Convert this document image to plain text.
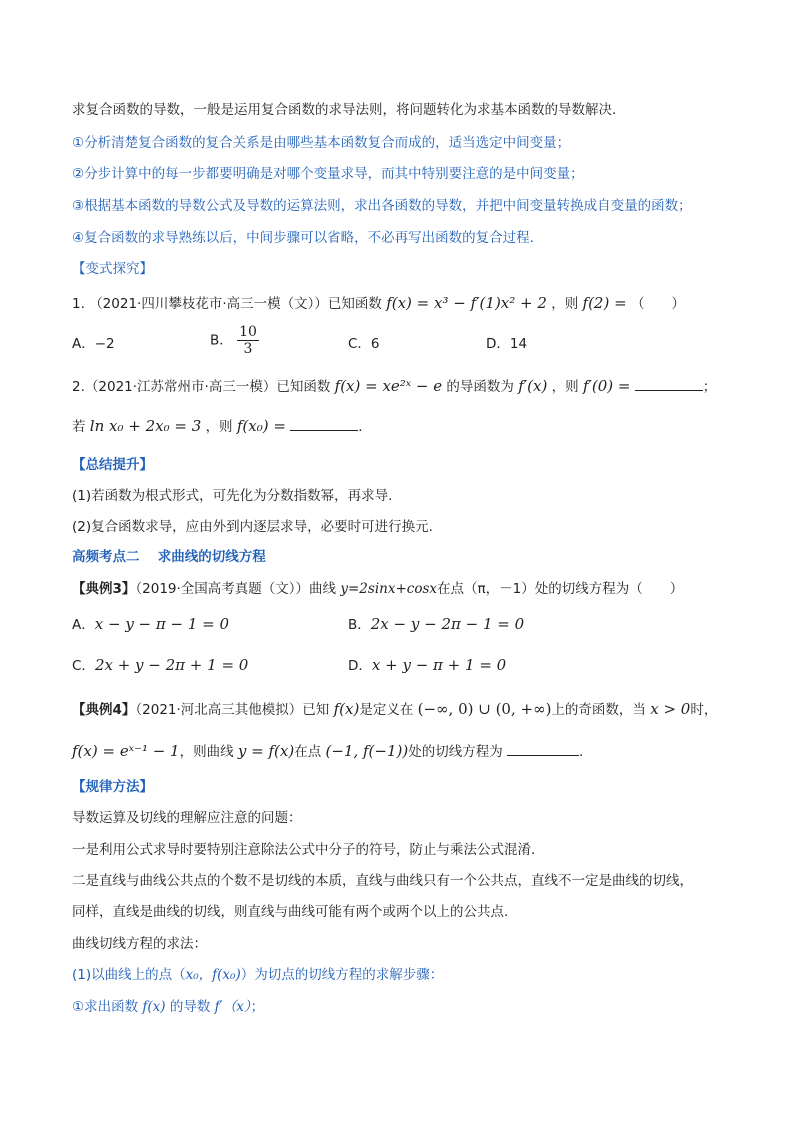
求复合函数的导数，一般是运用复合函数的求导法则，将问题转化为求基本函数的导数解决.
①分析清楚复合函数的复合关系是由哪些基本函数复合而成的，适当选定中间变量；
②分步计算中的每一步都要明确是对哪个变量求导，而其中特别要注意的是中间变量；
③根据基本函数的导数公式及导数的运算法则，求出各函数的导数，并把中间变量转换成自变量的函数；
④复合函数的求导熟练以后，中间步骤可以省略，不必再写出函数的复合过程.
【变式探究】
1. （2021·四川攀枝花市·高三一模（文））已知函数 f(x) = x³ − f′(1)x² + 2 ，则 f(2) = （　　）
A．−2	B． $\frac{10}{3}$	C．6	D．14
2.（2021·江苏常州市·高三一模）已知函数 f(x) = xe²ˣ − e 的导函数为 f′(x) ，则 f′(0) =	；
若 ln x₀ + 2x₀ = 3 ，则 f(x₀) =	.
【总结提升】
(1)若函数为根式形式，可先化为分数指数幂，再求导.
(2)复合函数求导，应由外到内逐层求导，必要时可进行换元.
高频考点二　 求曲线的切线方程
【典例3】（2019·全国高考真题（文））曲线 y=2sinx+cosx在点（π，－1）处的切线方程为（　　）
A．x − y − π − 1 = 0	B．2x − y − 2π − 1 = 0
C．2x + y − 2π + 1 = 0	D．x + y − π + 1 = 0
【典例4】（2021·河北高三其他模拟）已知 f(x)是定义在 (−∞, 0) ∪ (0, +∞)上的奇函数，当 x > 0时，
f(x) = eˣ⁻¹ − 1，则曲线 y = f(x)在点 (−1, f(−1))处的切线方程为	.
【规律方法】
导数运算及切线的理解应注意的问题：
一是利用公式求导时要特别注意除法公式中分子的符号，防止与乘法公式混淆.
二是直线与曲线公共点的个数不是切线的本质，直线与曲线只有一个公共点，直线不一定是曲线的切线，
同样，直线是曲线的切线，则直线与曲线可能有两个或两个以上的公共点.
曲线切线方程的求法：
(1)以曲线上的点（x₀，f(x₀)）为切点的切线方程的求解步骤：
①求出函数 f(x) 的导数 f′（x）；
